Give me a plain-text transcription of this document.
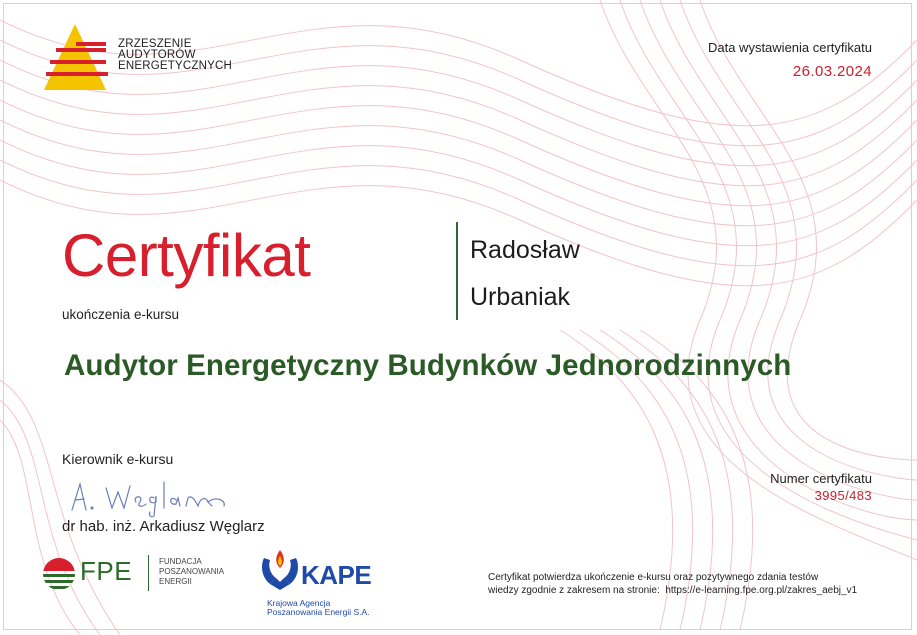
ZRZESZENIE
AUDYTORÓW
ENERGETYCZNYCH
Data wystawienia certyfikatu
26.03.2024
Certyfikat
ukończenia e-kursu
Radosław
Urbaniak
Audytor Energetyczny Budynków Jednorodzinnych
Kierownik e-kursu
dr hab. inż. Arkadiusz Węglarz
Numer certyfikatu
3995/483
FPE	FUNDACJA
POSZANOWANIA
ENERGII	KAPE
Krajowa Agencja
Poszanowania Energii S.A.
Certyfikat potwierdza ukończenie e-kursu oraz pozytywnego zdania testów
wiedzy zgodnie z zakresem na stronie: https://e-learning.fpe.org.pl/zakres_aebj_v1
